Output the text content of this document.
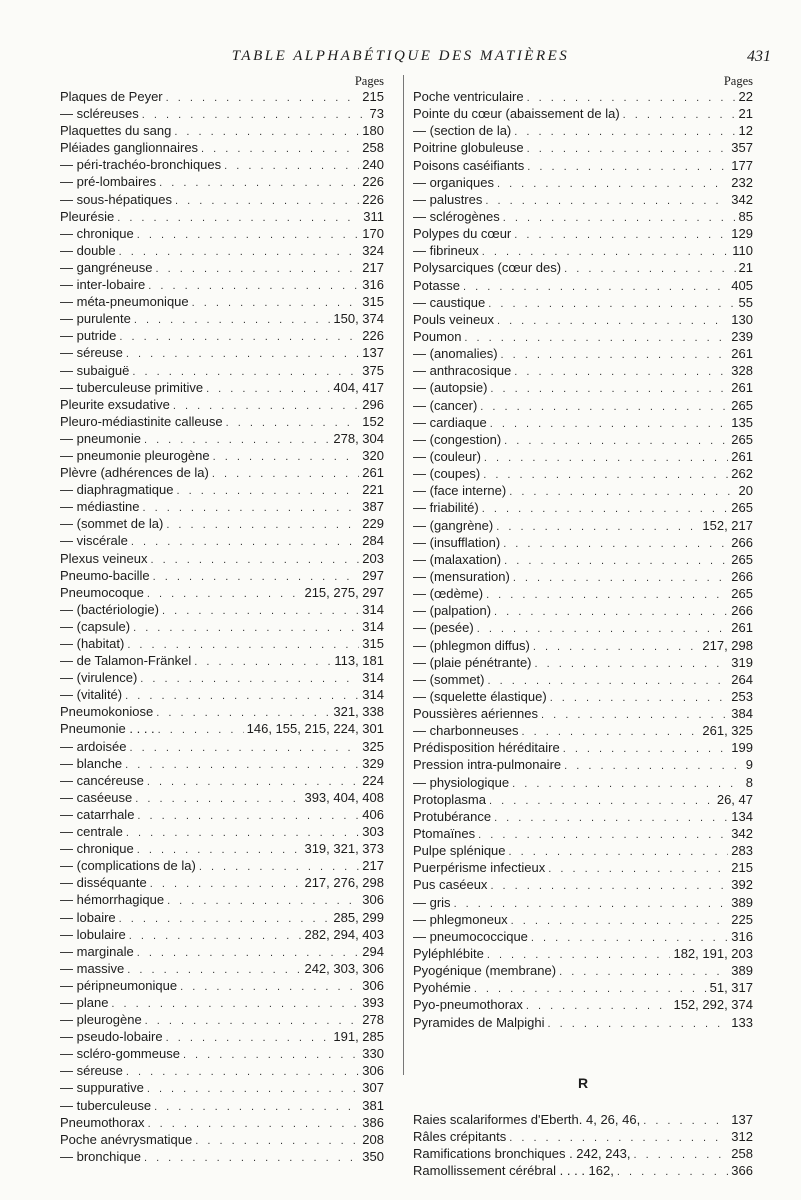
TABLE ALPHABÉTIQUE DES MATIÈRES	431
Pages
Plaques de Peyer . . .	215
— scléreuses . . .	73
Plaquettes du sang . . .	180
Pléiades ganglionnaires . . .	258
— péri-trachéo-bronchiques . . .	240
— pré-lombaires . . .	226
— sous-hépatiques . . .	226
Pleurésie . . .	311
— chronique . . .	170
— double . . .	324
— gangréneuse . . .	217
— inter-lobaire . . .	316
— méta-pneumonique . . .	315
— purulente . . .	150, 374
— putride . . .	226
— séreuse . . .	137
— subaiguë . . .	375
— tuberculeuse primitive . . .	404, 417
Pleurite exsudative . . .	296
Pleuro-médiastinite calleuse . . .	152
— pneumonie . . .	278, 304
— pneumonie pleurogène . . .	320
Plèvre (adhérences de la) . . .	261
— diaphragmatique . . .	221
— médiastine . . .	387
— (sommet de la) . . .	229
— viscérale . . .	284
Plexus veineux . . .	203
Pneumo-bacille . . .	297
Pneumocoque . . .	215, 275, 297
— (bactériologie) . . .	314
— (capsule) . . .	314
— (habitat) . . .	315
— de Talamon-Fränkel . . .	113, 181
— (virulence) . . .	314
— (vitalité) . . .	314
Pneumokoniose . . .	321, 338
Pneumonie . . . . . . .	146, 155, 215, 224, 301
— ardoisée . . .	325
— blanche . . .	329
— cancéreuse . . .	224
— caséeuse . . .	393, 404, 408
— catarrhale . . .	406
— centrale . . .	303
— chronique . . .	319, 321, 373
— (complications de la) . . .	217
— disséquante . . .	217, 276, 298
— hémorrhagique . . .	306
— lobaire . . .	285, 299
— lobulaire . . .	282, 294, 403
— marginale . . .	294
— massive . . .	242, 303, 306
— péripneumonique . . .	306
— plane . . .	393
— pleurogène . . .	278
— pseudo-lobaire . . .	191, 285
— scléro-gommeuse . . .	330
— séreuse . . .	306
— suppurative . . .	307
— tuberculeuse . . .	381
Pneumothorax . . .	386
Poche anévrysmatique . . .	208
— bronchique . . .	350
Pages
Poche ventriculaire . . .	22
Pointe du cœur (abaissement de la) . . .	21
— (section de la) . . .	12
Poitrine globuleuse . . .	357
Poisons caséifiants . . .	177
— organiques . . .	232
— palustres . . .	342
— sclérogènes . . .	85
Polypes du cœur . . .	129
— fibrineux . . .	110
Polysarciques (cœur des) . . .	21
Potasse . . .	405
— caustique . . .	55
Pouls veineux . . .	130
Poumon . . .	239
— (anomalies) . . .	261
— anthracosique . . .	328
— (autopsie) . . .	261
— (cancer) . . .	265
— cardiaque . . .	135
— (congestion) . . .	265
— (couleur) . . .	261
— (coupes) . . .	262
— (face interne) . . .	20
— friabilité) . . .	265
— (gangrène) . . .	152, 217
— (insufflation) . . .	266
— (malaxation) . . .	265
— (mensuration) . . .	266
— (œdème) . . .	265
— (palpation) . . .	266
— (pesée) . . .	261
— (phlegmon diffus) . . .	217, 298
— (plaie pénétrante) . . .	319
— (sommet) . . .	264
— (squelette élastique) . . .	253
Poussières aériennes . . .	384
— charbonneuses . . .	261, 325
Prédisposition héréditaire . . .	199
Pression intra-pulmonaire . . .	9
— physiologique . . .	8
Protoplasma . . .	26, 47
Protubérance . . .	134
Ptomaïnes . . .	342
Pulpe splénique . . .	283
Puerpérisme infectieux . . .	215
Pus caséeux . . .	392
— gris . . .	389
— phlegmoneux . . .	225
— pneumococcique . . .	316
Pyléphlébite . . .	182, 191, 203
Pyogénique (membrane) . . .	389
Pyohémie . . .	51, 317
Pyo-pneumothorax . . .	152, 292, 374
Pyramides de Malpighi . . .	133
R
Raies scalariformes d'Eberth. 4, 26, 46, . . .	137
Râles crépitants . . .	312
Ramifications bronchiques . 242, 243, . . .	258
Ramollissement cérébral . . . . 162, . . .	366
